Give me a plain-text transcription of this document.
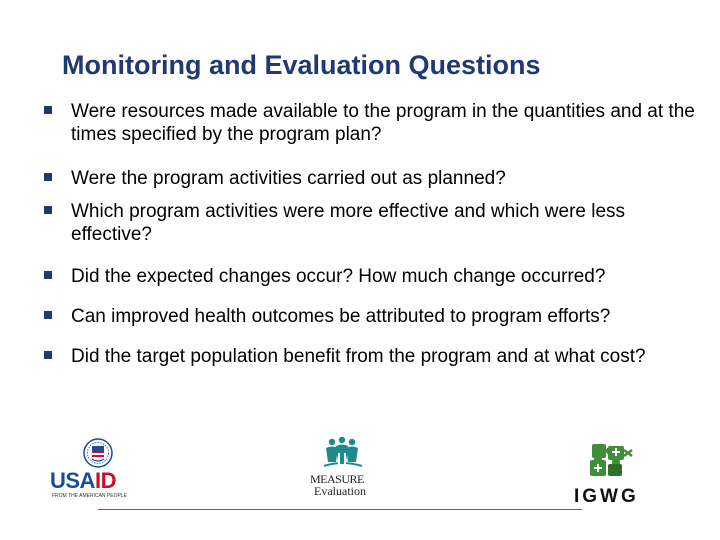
Monitoring and Evaluation Questions
Were resources made available to the program in the quantities and at the times specified by the program plan?
Were the program activities carried out as planned?
Which program activities were more effective and which were less effective?
Did the expected changes occur? How much change occurred?
Can improved health outcomes be attributed to program efforts?
Did the target population benefit from the program and at what cost?
USAID
FROM THE AMERICAN PEOPLE
MEASURE
Evaluation	IGWG
